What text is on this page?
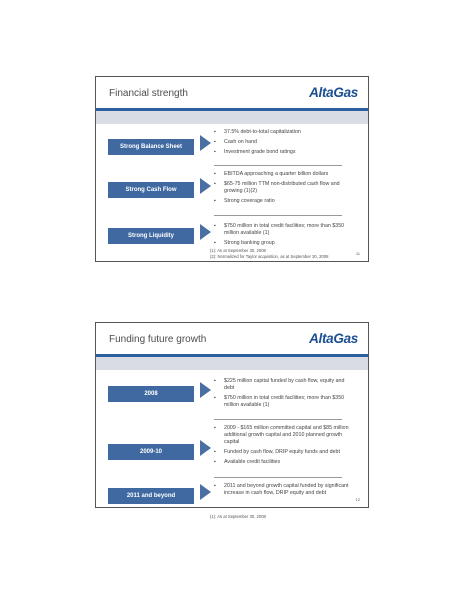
Financial strength	AltaGas
Strong Balance Sheet
▪ 37.5% debt-to-total capitalization
▪ Cash on hand
▪ Investment grade bond ratings
Strong Cash Flow
▪ EBITDA approaching a quarter billion dollars
▪ $65-75 million TTM non-distributed cash flow and growing (1)(2)
▪ Strong coverage ratio
Strong Liquidity
▪ $750 million in total credit facilities; more than $350 million available (1)
▪ Strong banking group
(1): As at September 30, 2008
(2): Normalized for Taylor acquisition, as at September 30, 2008
11
Funding future growth	AltaGas
2008
▪ $225 million capital funded by cash flow, equity and debt
▪ $750 million in total credit facilities; more than $350 million available (1)
2009-10
▪ 2009 - $165 million committed capital and $85 million additional growth capital and 2010 planned growth capital
▪ Funded by cash flow, DRIP equity funds and debt
▪ Available credit facilities
2011 and beyond
▪ 2011 and beyond growth capital funded by significant increase in cash flow, DRIP equity and debt
(1): As at September 30, 2008
12
